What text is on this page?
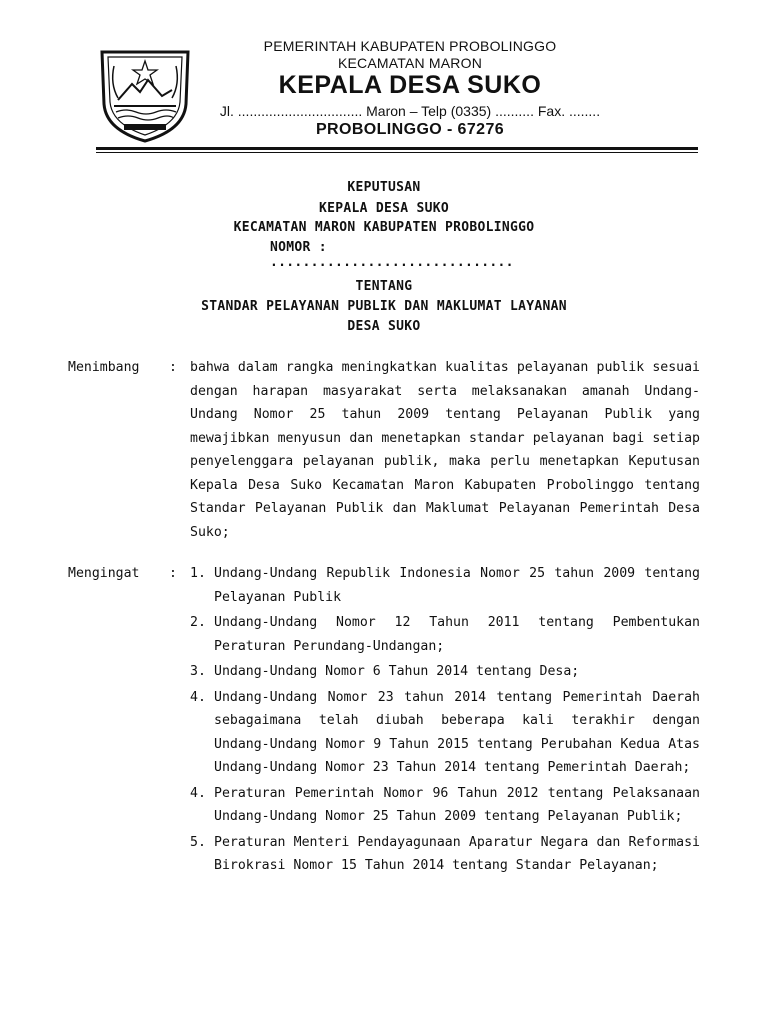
PEMERINTAH KABUPATEN PROBOLINGGO
KECAMATAN MARON
KEPALA DESA SUKO
Jl. ................................ Maron – Telp (0335) .......... Fax. ........
PROBOLINGGO - 67276
KEPUTUSAN
KEPALA DESA SUKO
KECAMATAN MARON KABUPATEN PROBOLINGGO
NOMOR : ..............................
TENTANG
STANDAR PELAYANAN PUBLIK DAN MAKLUMAT LAYANAN
DESA SUKO
Menimbang : bahwa dalam rangka meningkatkan kualitas pelayanan publik sesuai dengan harapan masyarakat serta melaksanakan amanah Undang-Undang Nomor 25 tahun 2009 tentang Pelayanan Publik yang mewajibkan menyusun dan menetapkan standar pelayanan bagi setiap penyelenggara pelayanan publik, maka perlu menetapkan Keputusan Kepala Desa Suko Kecamatan Maron Kabupaten Probolinggo tentang Standar Pelayanan Publik dan Maklumat Pelayanan Pemerintah Desa Suko;
Mengingat : 1. Undang-Undang Republik Indonesia Nomor 25 tahun 2009 tentang Pelayanan Publik
2. Undang-Undang Nomor 12 Tahun 2011 tentang Pembentukan Peraturan Perundang-Undangan;
3. Undang-Undang Nomor 6 Tahun 2014 tentang Desa;
4. Undang-Undang Nomor 23 tahun 2014 tentang Pemerintah Daerah sebagaimana telah diubah beberapa kali terakhir dengan Undang-Undang Nomor 9 Tahun 2015 tentang Perubahan Kedua Atas Undang-Undang Nomor 23 Tahun 2014 tentang Pemerintah Daerah;
4. Peraturan Pemerintah Nomor 96 Tahun 2012 tentang Pelaksanaan Undang-Undang Nomor 25 Tahun 2009 tentang Pelayanan Publik;
5. Peraturan Menteri Pendayagunaan Aparatur Negara dan Reformasi Birokrasi Nomor 15 Tahun 2014 tentang Standar Pelayanan;
